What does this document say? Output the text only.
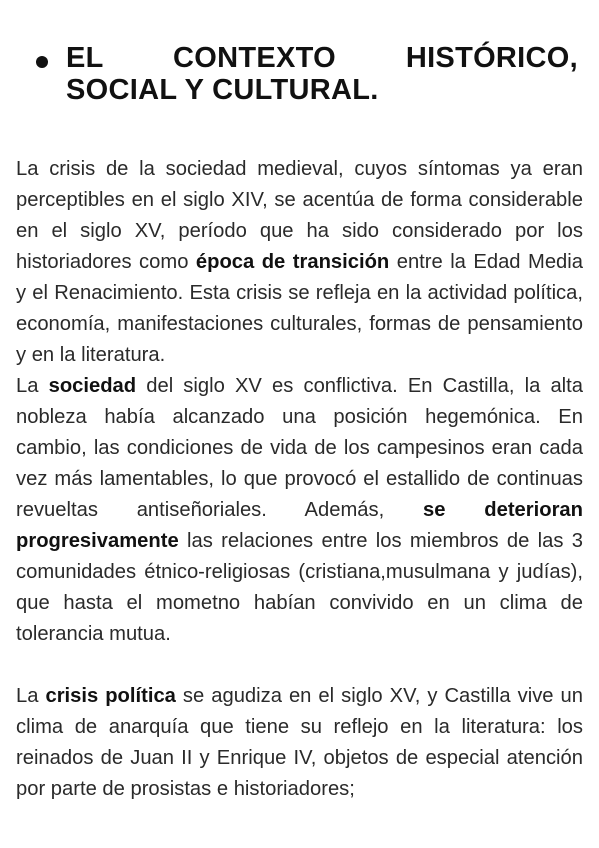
EL CONTEXTO HISTÓRICO,
SOCIAL Y CULTURAL.

La crisis de la sociedad medieval, cuyos síntomas ya eran perceptibles en el siglo XIV, se acentúa de forma considerable en el siglo XV, período que ha sido considerado por los historiadores como época de transición entre la Edad Media y el Renacimiento. Esta crisis se refleja en la actividad política, economía, manifestaciones culturales, formas de pensamiento y en la literatura.

La sociedad del siglo XV es conflictiva. En Castilla, la alta nobleza había alcanzado una posición hegemónica. En cambio, las condiciones de vida de los campesinos eran cada vez más lamentables, lo que provocó el estallido de continuas revueltas antiseñoriales. Además, se deterioran progresivamente las relaciones entre los miembros de las 3 comunidades étnico-religiosas (cristiana,musulmana y judías), que hasta el mometno habían convivido en un clima de tolerancia mutua.

La crisis política se agudiza en el siglo XV, y Castilla vive un clima de anarquía que tiene su reflejo en la literatura: los reinados de Juan II y Enrique IV, objetos de especial atención por parte de prosistas e historiadores;
